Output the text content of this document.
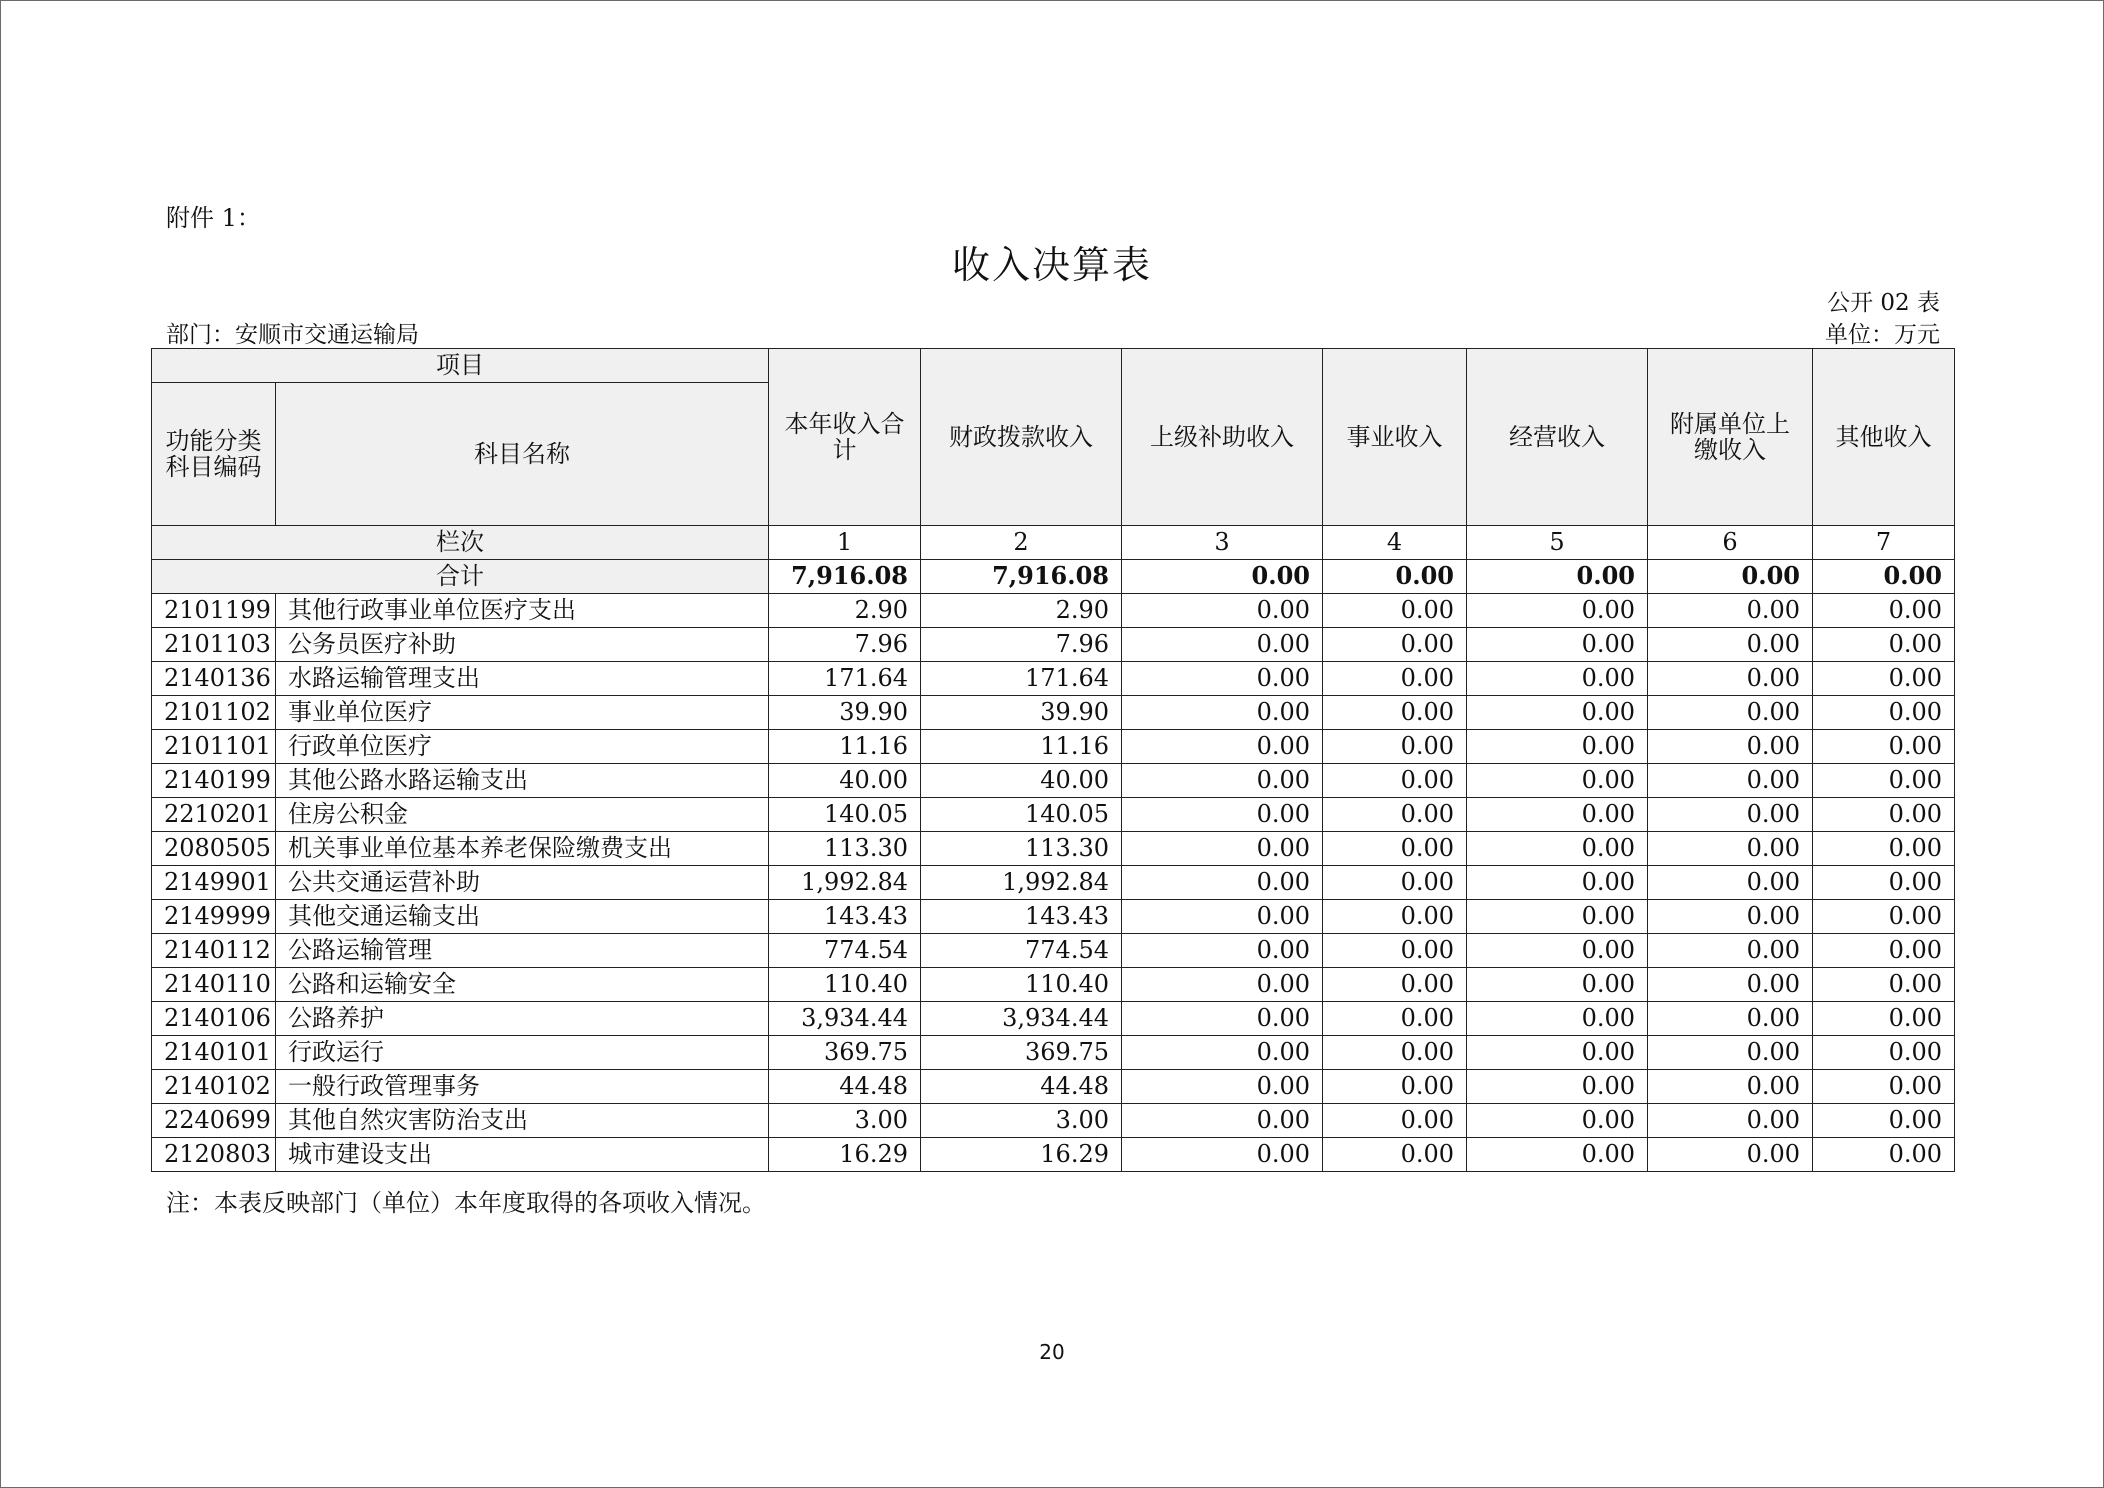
附件 1：
收入决算表
公开 02 表
部门：安顺市交通运输局	单位：万元
项目		本年收入合计	财政拨款收入	上级补助收入	事业收入	经营收入	附属单位上缴收入	其他收入
功能分类科目编码	科目名称							
栏次		1	2	3	4	5	6	7
合计		7,916.08	7,916.08	0.00	0.00	0.00	0.00	0.00
2101199	其他行政事业单位医疗支出	2.90	2.90	0.00	0.00	0.00	0.00	0.00
2101103	公务员医疗补助	7.96	7.96	0.00	0.00	0.00	0.00	0.00
2140136	水路运输管理支出	171.64	171.64	0.00	0.00	0.00	0.00	0.00
2101102	事业单位医疗	39.90	39.90	0.00	0.00	0.00	0.00	0.00
2101101	行政单位医疗	11.16	11.16	0.00	0.00	0.00	0.00	0.00
2140199	其他公路水路运输支出	40.00	40.00	0.00	0.00	0.00	0.00	0.00
2210201	住房公积金	140.05	140.05	0.00	0.00	0.00	0.00	0.00
2080505	机关事业单位基本养老保险缴费支出	113.30	113.30	0.00	0.00	0.00	0.00	0.00
2149901	公共交通运营补助	1,992.84	1,992.84	0.00	0.00	0.00	0.00	0.00
2149999	其他交通运输支出	143.43	143.43	0.00	0.00	0.00	0.00	0.00
2140112	公路运输管理	774.54	774.54	0.00	0.00	0.00	0.00	0.00
2140110	公路和运输安全	110.40	110.40	0.00	0.00	0.00	0.00	0.00
2140106	公路养护	3,934.44	3,934.44	0.00	0.00	0.00	0.00	0.00
2140101	行政运行	369.75	369.75	0.00	0.00	0.00	0.00	0.00
2140102	一般行政管理事务	44.48	44.48	0.00	0.00	0.00	0.00	0.00
2240699	其他自然灾害防治支出	3.00	3.00	0.00	0.00	0.00	0.00	0.00
2120803	城市建设支出	16.29	16.29	0.00	0.00	0.00	0.00	0.00
注：本表反映部门（单位）本年度取得的各项收入情况。
20
